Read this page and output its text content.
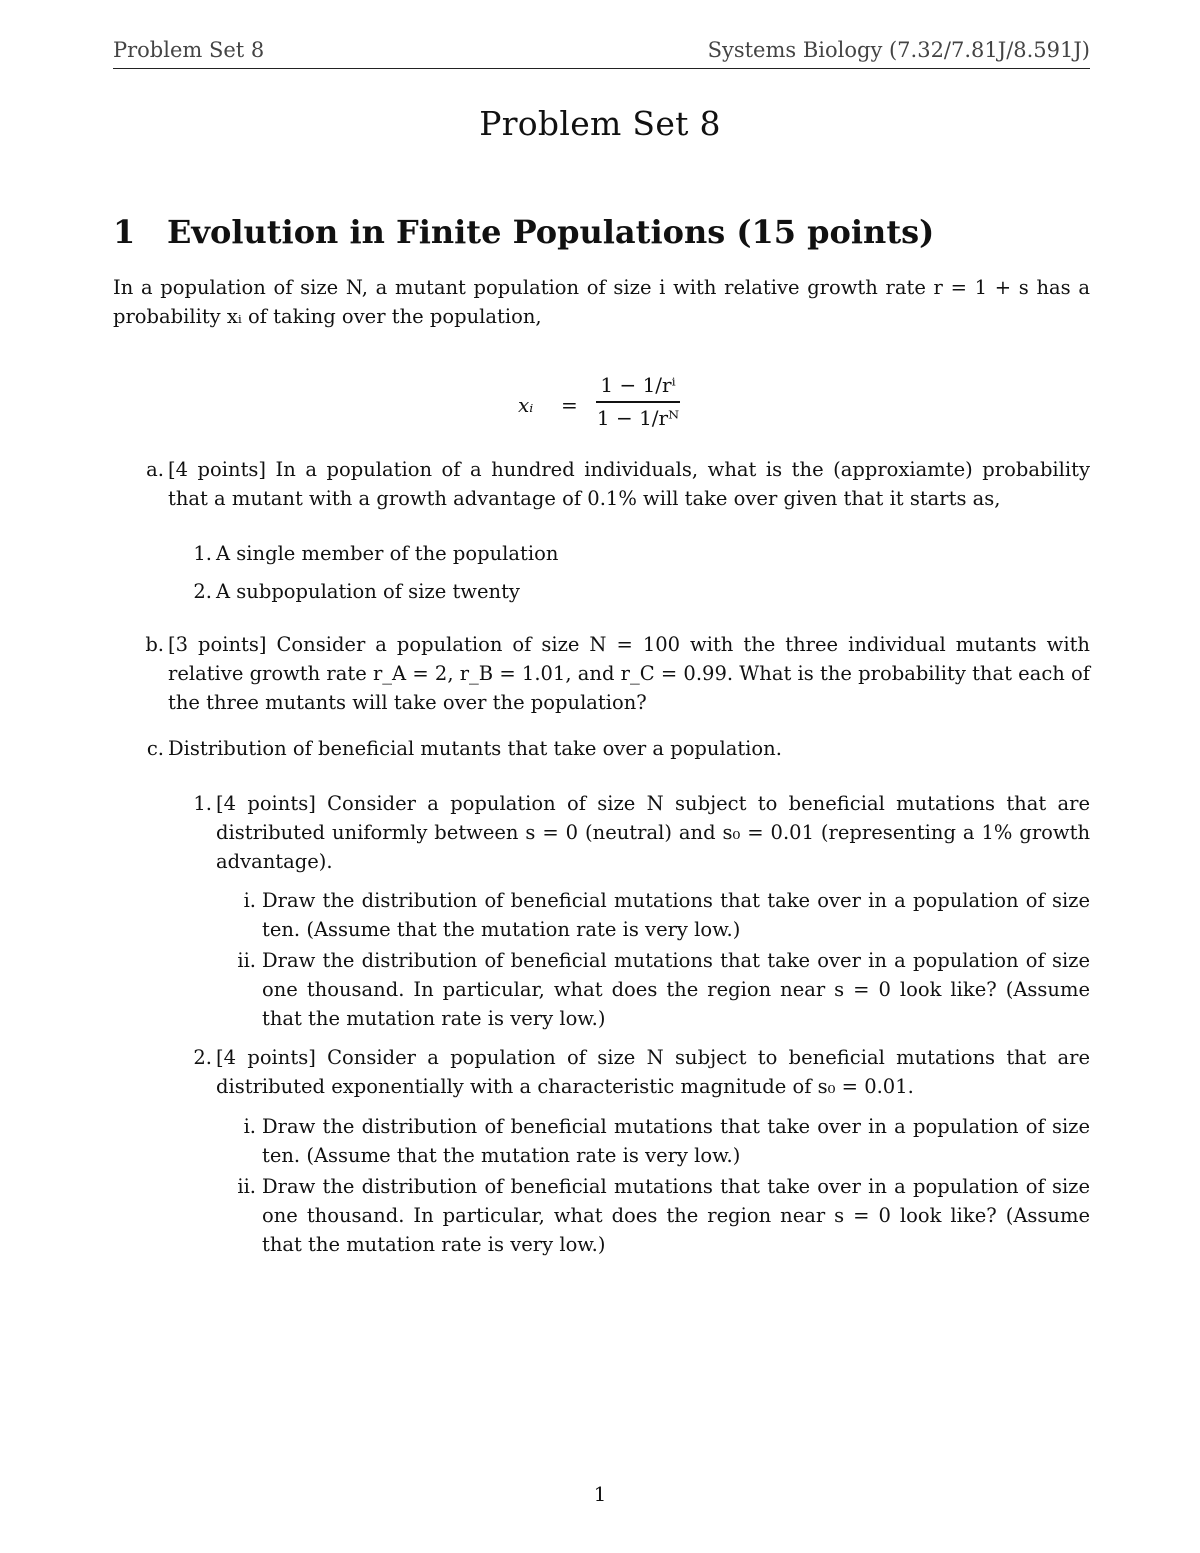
Problem Set 8	Systems Biology (7.32/7.81J/8.591J)
Problem Set 8
1 Evolution in Finite Populations (15 points)
In a population of size N, a mutant population of size i with relative growth rate r = 1 + s has a probability xᵢ of taking over the population,
xᵢ =
1 − 1/rⁱ
1 − 1/rᴺ
a. [4 points] In a population of a hundred individuals, what is the (approxiamte) probability that a mutant with a growth advantage of 0.1% will take over given that it starts as,
1. A single member of the population
2. A subpopulation of size twenty
b. [3 points] Consider a population of size N = 100 with the three individual mutants with relative growth rate r_A = 2, r_B = 1.01, and r_C = 0.99. What is the probability that each of the three mutants will take over the population?
c. Distribution of beneficial mutants that take over a population.
1. [4 points] Consider a population of size N subject to beneficial mutations that are distributed uniformly between s = 0 (neutral) and s₀ = 0.01 (representing a 1% growth advantage).
i. Draw the distribution of beneficial mutations that take over in a population of size ten. (Assume that the mutation rate is very low.)
ii. Draw the distribution of beneficial mutations that take over in a population of size one thousand. In particular, what does the region near s = 0 look like? (Assume that the mutation rate is very low.)
2. [4 points] Consider a population of size N subject to beneficial mutations that are distributed exponentially with a characteristic magnitude of s₀ = 0.01.
i. Draw the distribution of beneficial mutations that take over in a population of size ten. (Assume that the mutation rate is very low.)
ii. Draw the distribution of beneficial mutations that take over in a population of size one thousand. In particular, what does the region near s = 0 look like? (Assume that the mutation rate is very low.)
1
